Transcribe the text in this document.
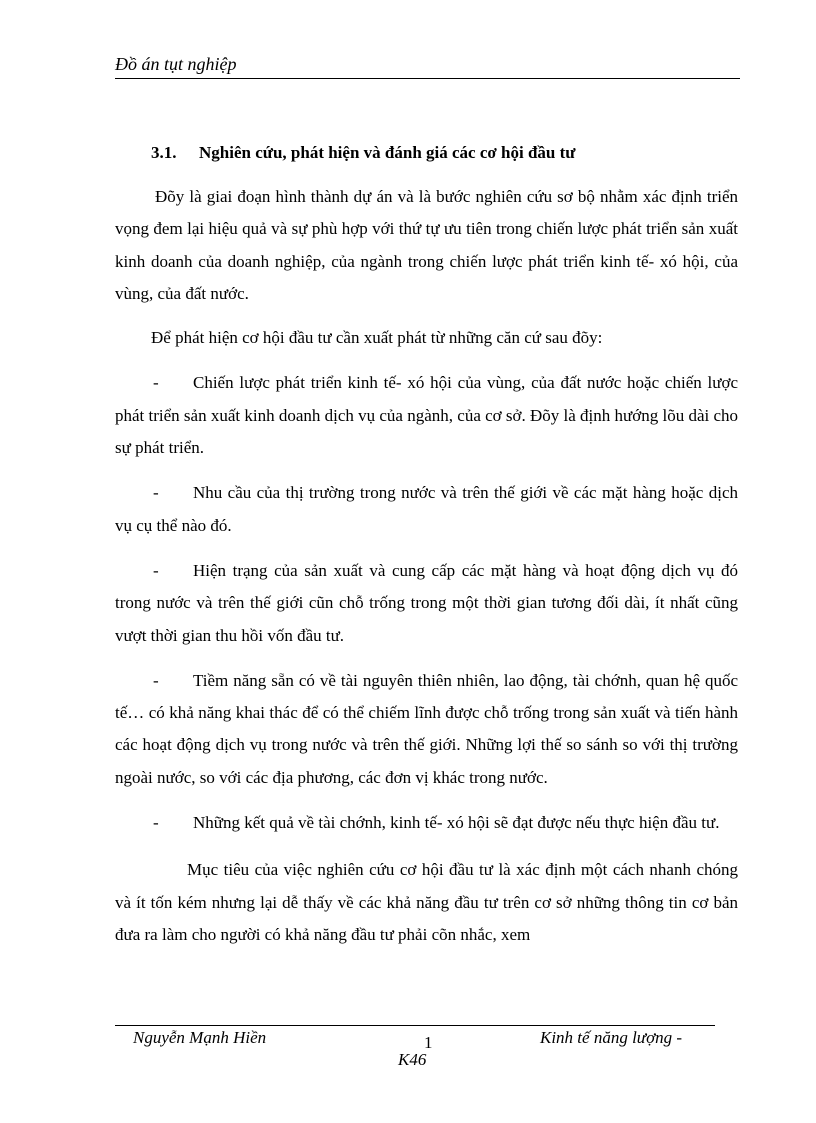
Đồ án tụt nghiệp
3.1. Nghiên cứu, phát hiện và đánh giá các cơ hội đầu tư

Đõy là giai đoạn hình thành dự án và là bước nghiên cứu sơ bộ nhằm xác định triển vọng đem lại hiệu quả và sự phù hợp với thứ tự ưu tiên trong chiến lược phát triển sản xuất kinh doanh của doanh nghiệp, của ngành trong chiến lược phát triển kinh tế- xó hội, của vùng, của đất nước.

Để phát hiện cơ hội đầu tư cần xuất phát từ những căn cứ sau đõy:

- Chiến lược phát triển kinh tế- xó hội của vùng, của đất nước hoặc chiến lược phát triển sản xuất kinh doanh dịch vụ của ngành, của cơ sở. Đõy là định hướng lõu dài cho sự phát triển.

- Nhu cầu của thị trường trong nước và trên thế giới về các mặt hàng hoặc dịch vụ cụ thể nào đó.

- Hiện trạng của sản xuất và cung cấp các mặt hàng và hoạt động dịch vụ đó trong nước và trên thế giới cũn chỗ trống trong một thời gian tương đối dài, ít nhất cũng vượt thời gian thu hồi vốn đầu tư.

- Tiềm năng sẵn có về tài nguyên thiên nhiên, lao động, tài chớnh, quan hệ quốc tế… có khả năng khai thác để có thể chiếm lĩnh được chỗ trống trong sản xuất và tiến hành các hoạt động dịch vụ trong nước và trên thế giới. Những lợi thế so sánh so với thị trường ngoài nước, so với các địa phương, các đơn vị khác trong nước.

- Những kết quả về tài chớnh, kinh tế- xó hội sẽ đạt được nếu thực hiện đầu tư.

Mục tiêu của việc nghiên cứu cơ hội đầu tư là xác định một cách nhanh chóng và ít tốn kém nhưng lại dễ thấy về các khả năng đầu tư trên cơ sở những thông tin cơ bản đưa ra làm cho người có khả năng đầu tư phải cõn nhắc, xem

Nguyễn Mạnh Hiền	1	Kinh tế năng lượng -
K46
